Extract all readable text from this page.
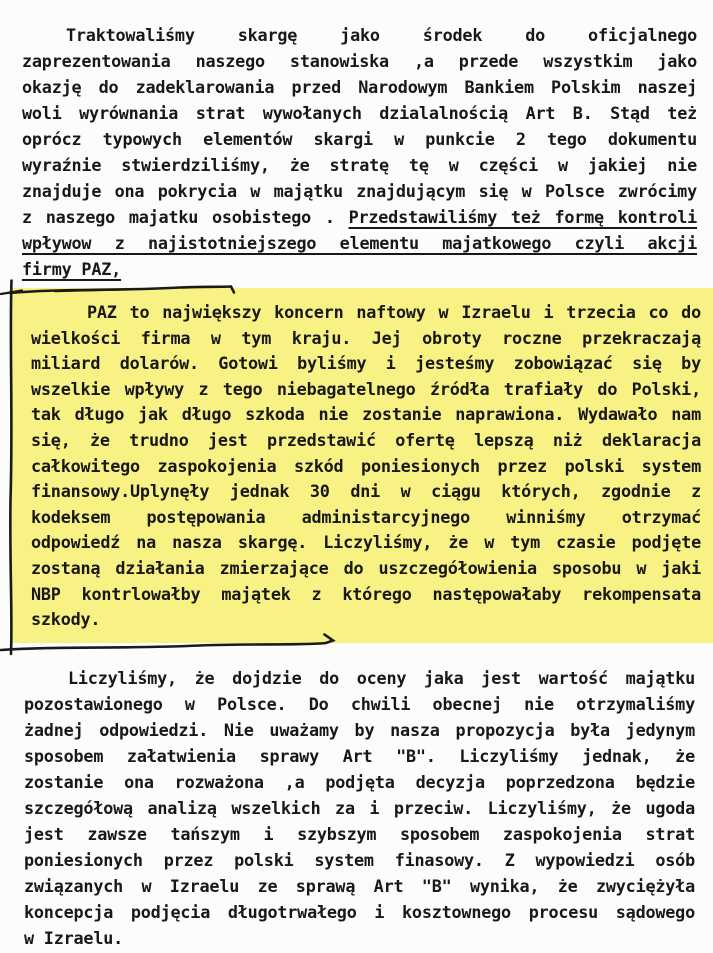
Traktowaliśmy skargę jako środek do oficjalnego
zaprezentowania naszego stanowiska ,a przede wszystkim jako
okazję do zadeklarowania przed Narodowym Bankiem Polskim naszej
woli wyrównania strat wywołanych dzialalnością Art B. Stąd też
oprócz typowych elementów skargi w punkcie 2 tego dokumentu
wyraźnie stwierdziliśmy, że stratę tę w części w jakiej nie
znajduje ona pokrycia w majątku znajdującym się w Polsce zwrócimy
z naszego majatku osobistego . Przedstawiliśmy też formę kontroli
wpływow z najistotniejszego elementu majatkowego czyli akcji
firmy PAZ,
PAZ to największy koncern naftowy w Izraelu i trzecia co do
wielkości firma w tym kraju. Jej obroty roczne przekraczają
miliard dolarów. Gotowi byliśmy i jesteśmy zobowiązać się by
wszelkie wpływy z tego niebagatelnego źródła trafiały do Polski,
tak długo jak długo szkoda nie zostanie naprawiona. Wydawało nam
się, że trudno jest przedstawić ofertę lepszą niż deklaracja
całkowitego zaspokojenia szkód poniesionych przez polski system
finansowy.Uplynęły jednak 30 dni w ciągu których, zgodnie z
kodeksem postępowania administarcyjnego winniśmy otrzymać
odpowiedź na nasza skargę. Liczyliśmy, że w tym czasie podjęte
zostaną działania zmierzające do uszczegółowienia sposobu w jaki
NBP kontrlowałby majątek z którego następowałaby rekompensata
szkody.
Liczyliśmy, że dojdzie do oceny jaka jest wartość majątku
pozostawionego w Polsce. Do chwili obecnej nie otrzymaliśmy
żadnej odpowiedzi. Nie uważamy by nasza propozycja była jedynym
sposobem załatwienia sprawy Art "B". Liczyliśmy jednak, że
zostanie ona rozważona ,a podjęta decyzja poprzedzona będzie
szczegółową analizą wszelkich za i przeciw. Liczyliśmy, że ugoda
jest zawsze tańszym i szybszym sposobem zaspokojenia strat
poniesionych przez polski system finasowy. Z wypowiedzi osób
związanych w Izraelu ze sprawą Art "B" wynika, że zwyciężyła
koncepcja podjęcia długotrwałego i kosztownego procesu sądowego
w Izraelu.
